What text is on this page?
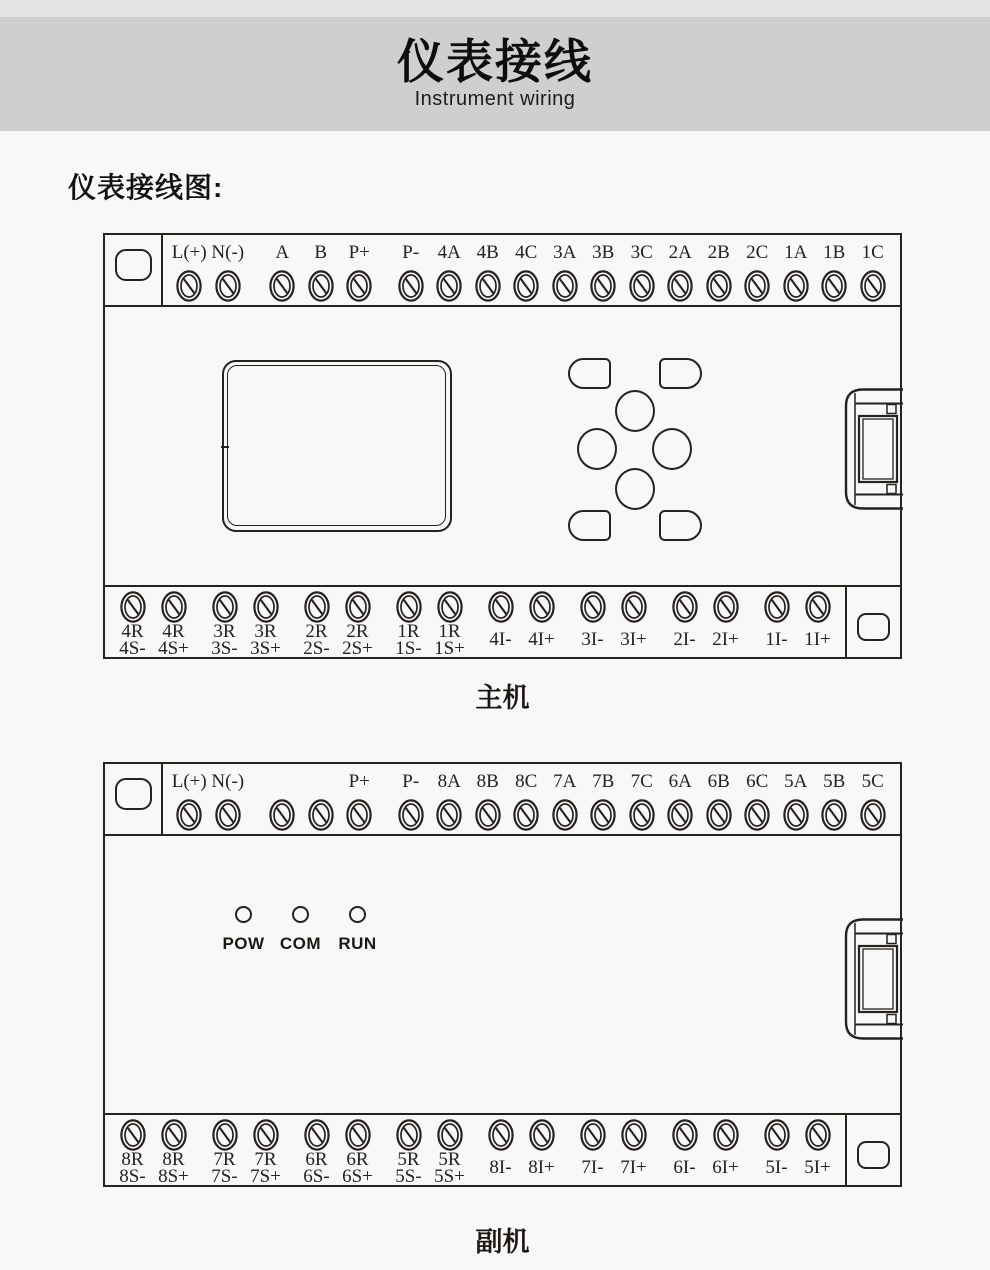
仪表接线
Instrument wiring
仪表接线图:
L(+) N(-) A B P+ P- 4A 4B 4C 3A 3B 3C 2A 2B 2C 1A 1B 1C
4R
4S-
4R
4S+
3R
3S-
3R
3S+
2R
2S-
2R
2S+
1R
1S-
1R
1S+ 4I- 4I+ 3I- 3I+ 2I- 2I+ 1I- 1I+
主机
L(+) N(-)	P+ P- 8A 8B 8C 7A 7B 7C 6A 6B 6C 5A 5B 5C
POW COM RUN
8R
8S-
8R
8S+
7R
7S-
7R
7S+
6R
6S-
6R
6S+
5R
5S-
5R
5S+ 8I- 8I+ 7I- 7I+ 6I- 6I+ 5I- 5I+
副机
